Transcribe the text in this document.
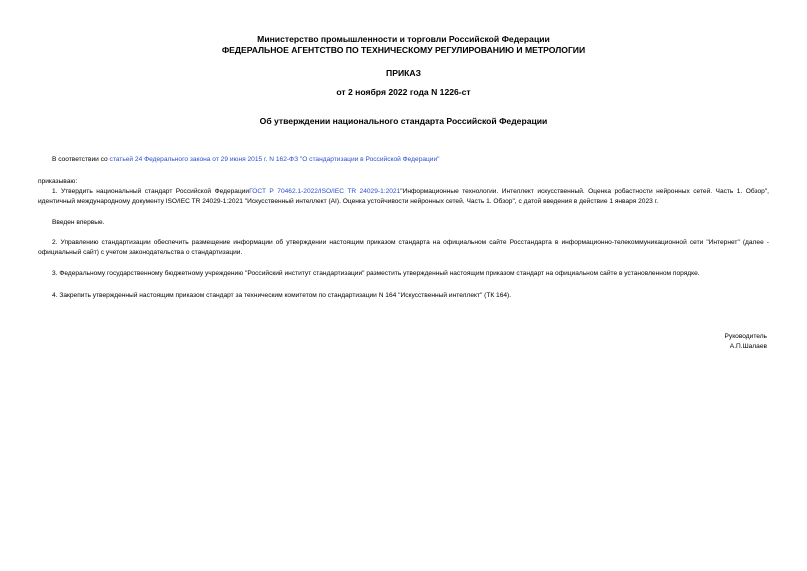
Министерство промышленности и торговли Российской Федерации
ФЕДЕРАЛЬНОЕ АГЕНТСТВО ПО ТЕХНИЧЕСКОМУ РЕГУЛИРОВАНИЮ И МЕТРОЛОГИИ
ПРИКАЗ
от 2 ноября 2022 года N 1226-ст
Об утверждении национального стандарта Российской Федерации
В соответствии со статьей 24 Федерального закона от 29 июня 2015 г. N 162-ФЗ "О стандартизации в Российской Федерации"
приказываю:
1. Утвердить национальный стандарт Российской ФедерацииГОСТ Р 70462.1-2022/ISO/IEC TR 24029-1:2021"Информационные технологии. Интеллект искусственный. Оценка робастности нейронных сетей. Часть 1. Обзор", идентичный международному документу ISO/IEC TR 24029-1:2021 "Искусственный интеллект (AI). Оценка устойчивости нейронных сетей. Часть 1. Обзор", с датой введения в действие 1 января 2023 г.
Введен впервые.
2. Управлению стандартизации обеспечить размещение информации об утверждении настоящим приказом стандарта на официальном сайте Росстандарта в информационно-телекоммуникационной сети "Интернет" (далее - официальный сайт) с учетом законодательства о стандартизации.
3. Федеральному государственному бюджетному учреждению "Российский институт стандартизации" разместить утвержденный настоящим приказом стандарт на официальном сайте в установленном порядке.
4. Закрепить утвержденный настоящим приказом стандарт за техническим комитетом по стандартизации N 164 "Искусственный интеллект" (ТК 164).
Руководитель
А.П.Шалаев
